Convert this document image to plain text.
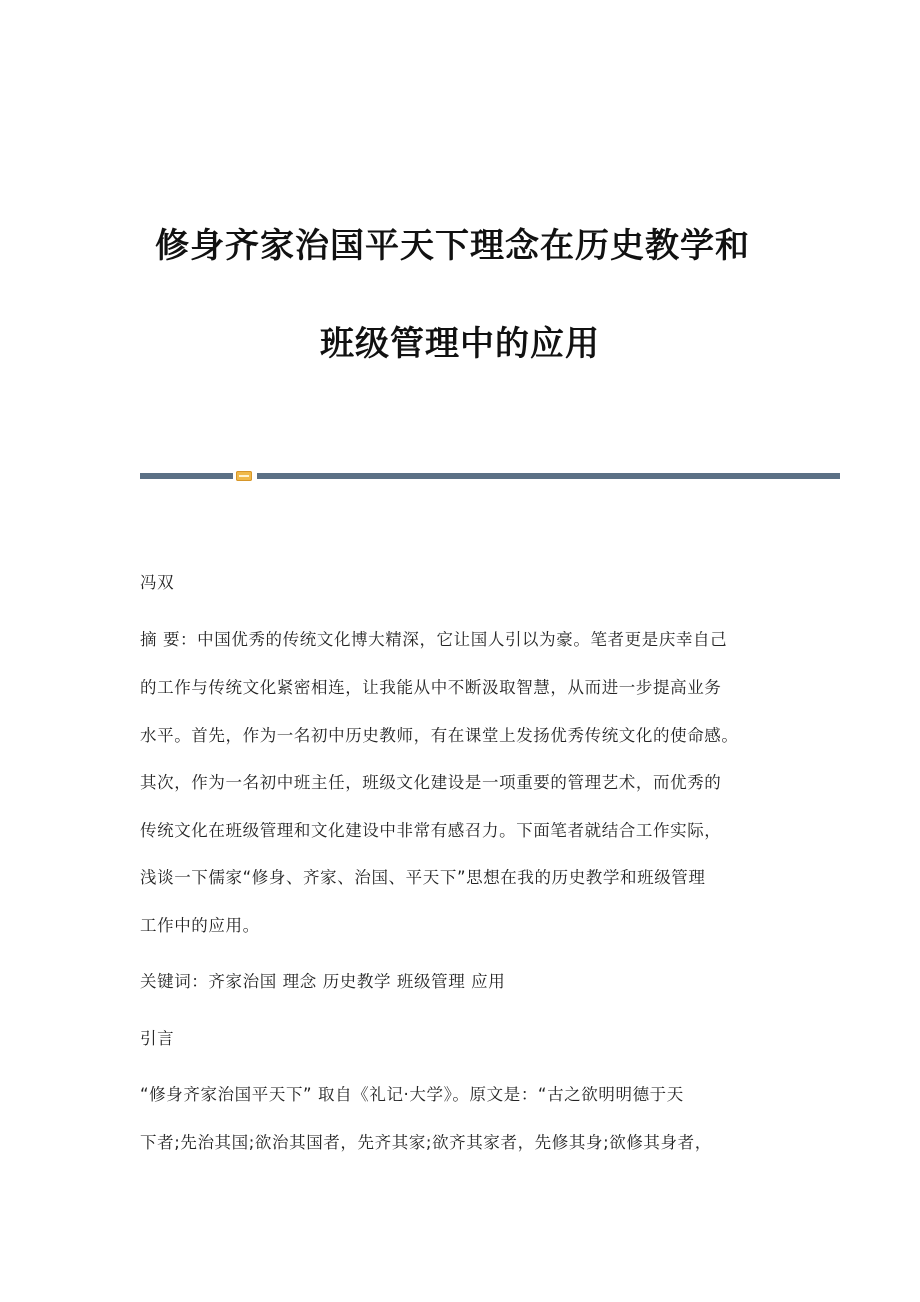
修身齐家治国平天下理念在历史教学和
班级管理中的应用
冯双
摘 要：中国优秀的传统文化博大精深，它让国人引以为豪。笔者更是庆幸自己
的工作与传统文化紧密相连，让我能从中不断汲取智慧，从而进一步提高业务
水平。首先，作为一名初中历史教师，有在课堂上发扬优秀传统文化的使命感。
其次，作为一名初中班主任，班级文化建设是一项重要的管理艺术，而优秀的
传统文化在班级管理和文化建设中非常有感召力。下面笔者就结合工作实际，
浅谈一下儒家“修身、齐家、治国、平天下”思想在我的历史教学和班级管理
工作中的应用。
关键词：齐家治国 理念 历史教学 班级管理 应用
引言
“修身齐家治国平天下” 取自《礼记·大学》。原文是：“古之欲明明德于天
下者;先治其国;欲治其国者，先齐其家;欲齐其家者，先修其身;欲修其身者，
